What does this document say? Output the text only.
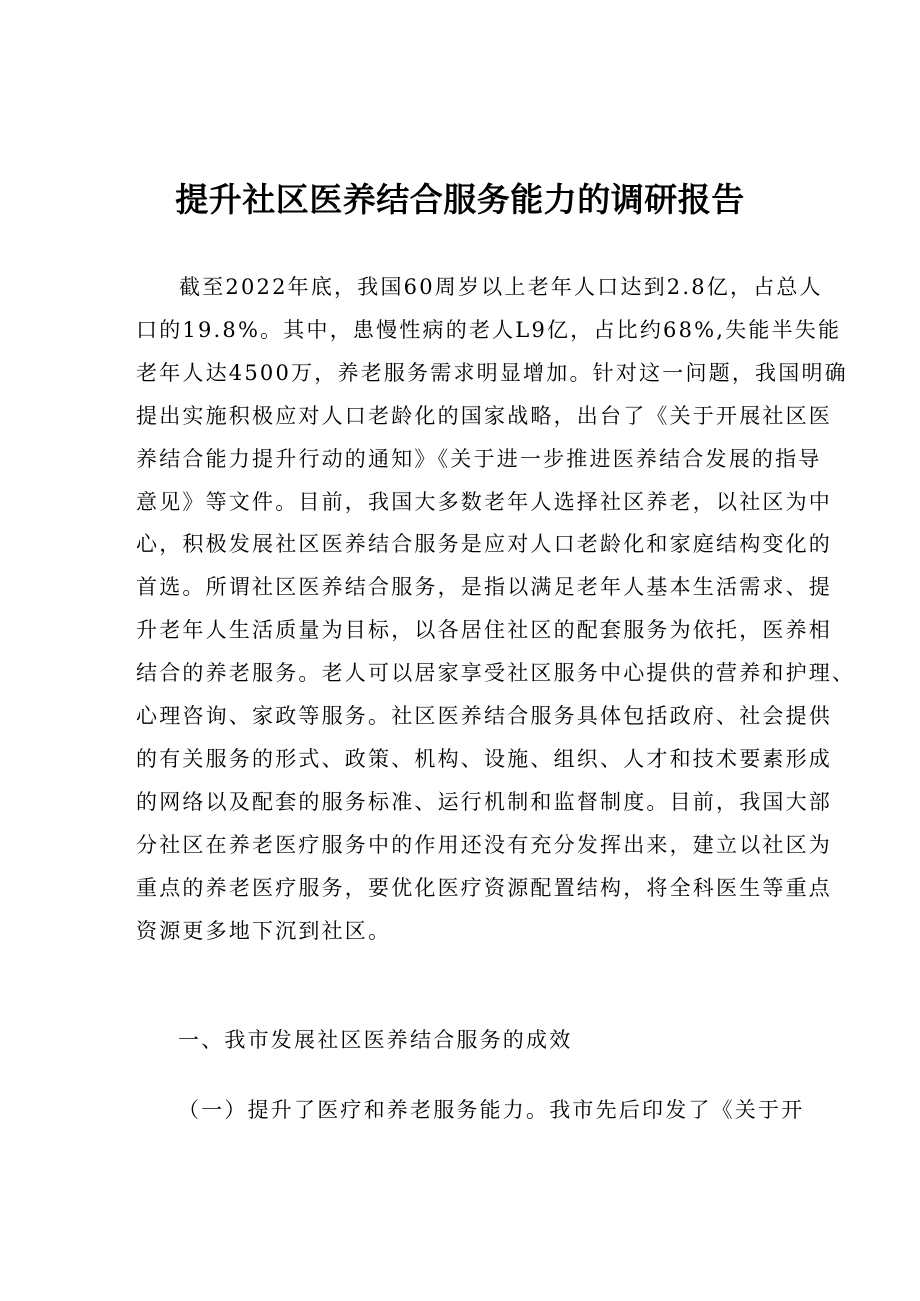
提升社区医养结合服务能力的调研报告
截至2022年底，我国60周岁以上老年人口达到2.8亿，占总人
口的19.8%。其中，患慢性病的老人L9亿，占比约68%,失能半失能
老年人达4500万，养老服务需求明显增加。针对这一问题，我国明确
提出实施积极应对人口老龄化的国家战略，出台了《关于开展社区医
养结合能力提升行动的通知》《关于进一步推进医养结合发展的指导
意见》等文件。目前，我国大多数老年人选择社区养老，以社区为中
心，积极发展社区医养结合服务是应对人口老龄化和家庭结构变化的
首选。所谓社区医养结合服务，是指以满足老年人基本生活需求、提
升老年人生活质量为目标，以各居住社区的配套服务为依托，医养相
结合的养老服务。老人可以居家享受社区服务中心提供的营养和护理、
心理咨询、家政等服务。社区医养结合服务具体包括政府、社会提供
的有关服务的形式、政策、机构、设施、组织、人才和技术要素形成
的网络以及配套的服务标准、运行机制和监督制度。目前，我国大部
分社区在养老医疗服务中的作用还没有充分发挥出来，建立以社区为
重点的养老医疗服务，要优化医疗资源配置结构，将全科医生等重点
资源更多地下沉到社区。

一、我市发展社区医养结合服务的成效

（一）提升了医疗和养老服务能力。我市先后印发了《关于开
